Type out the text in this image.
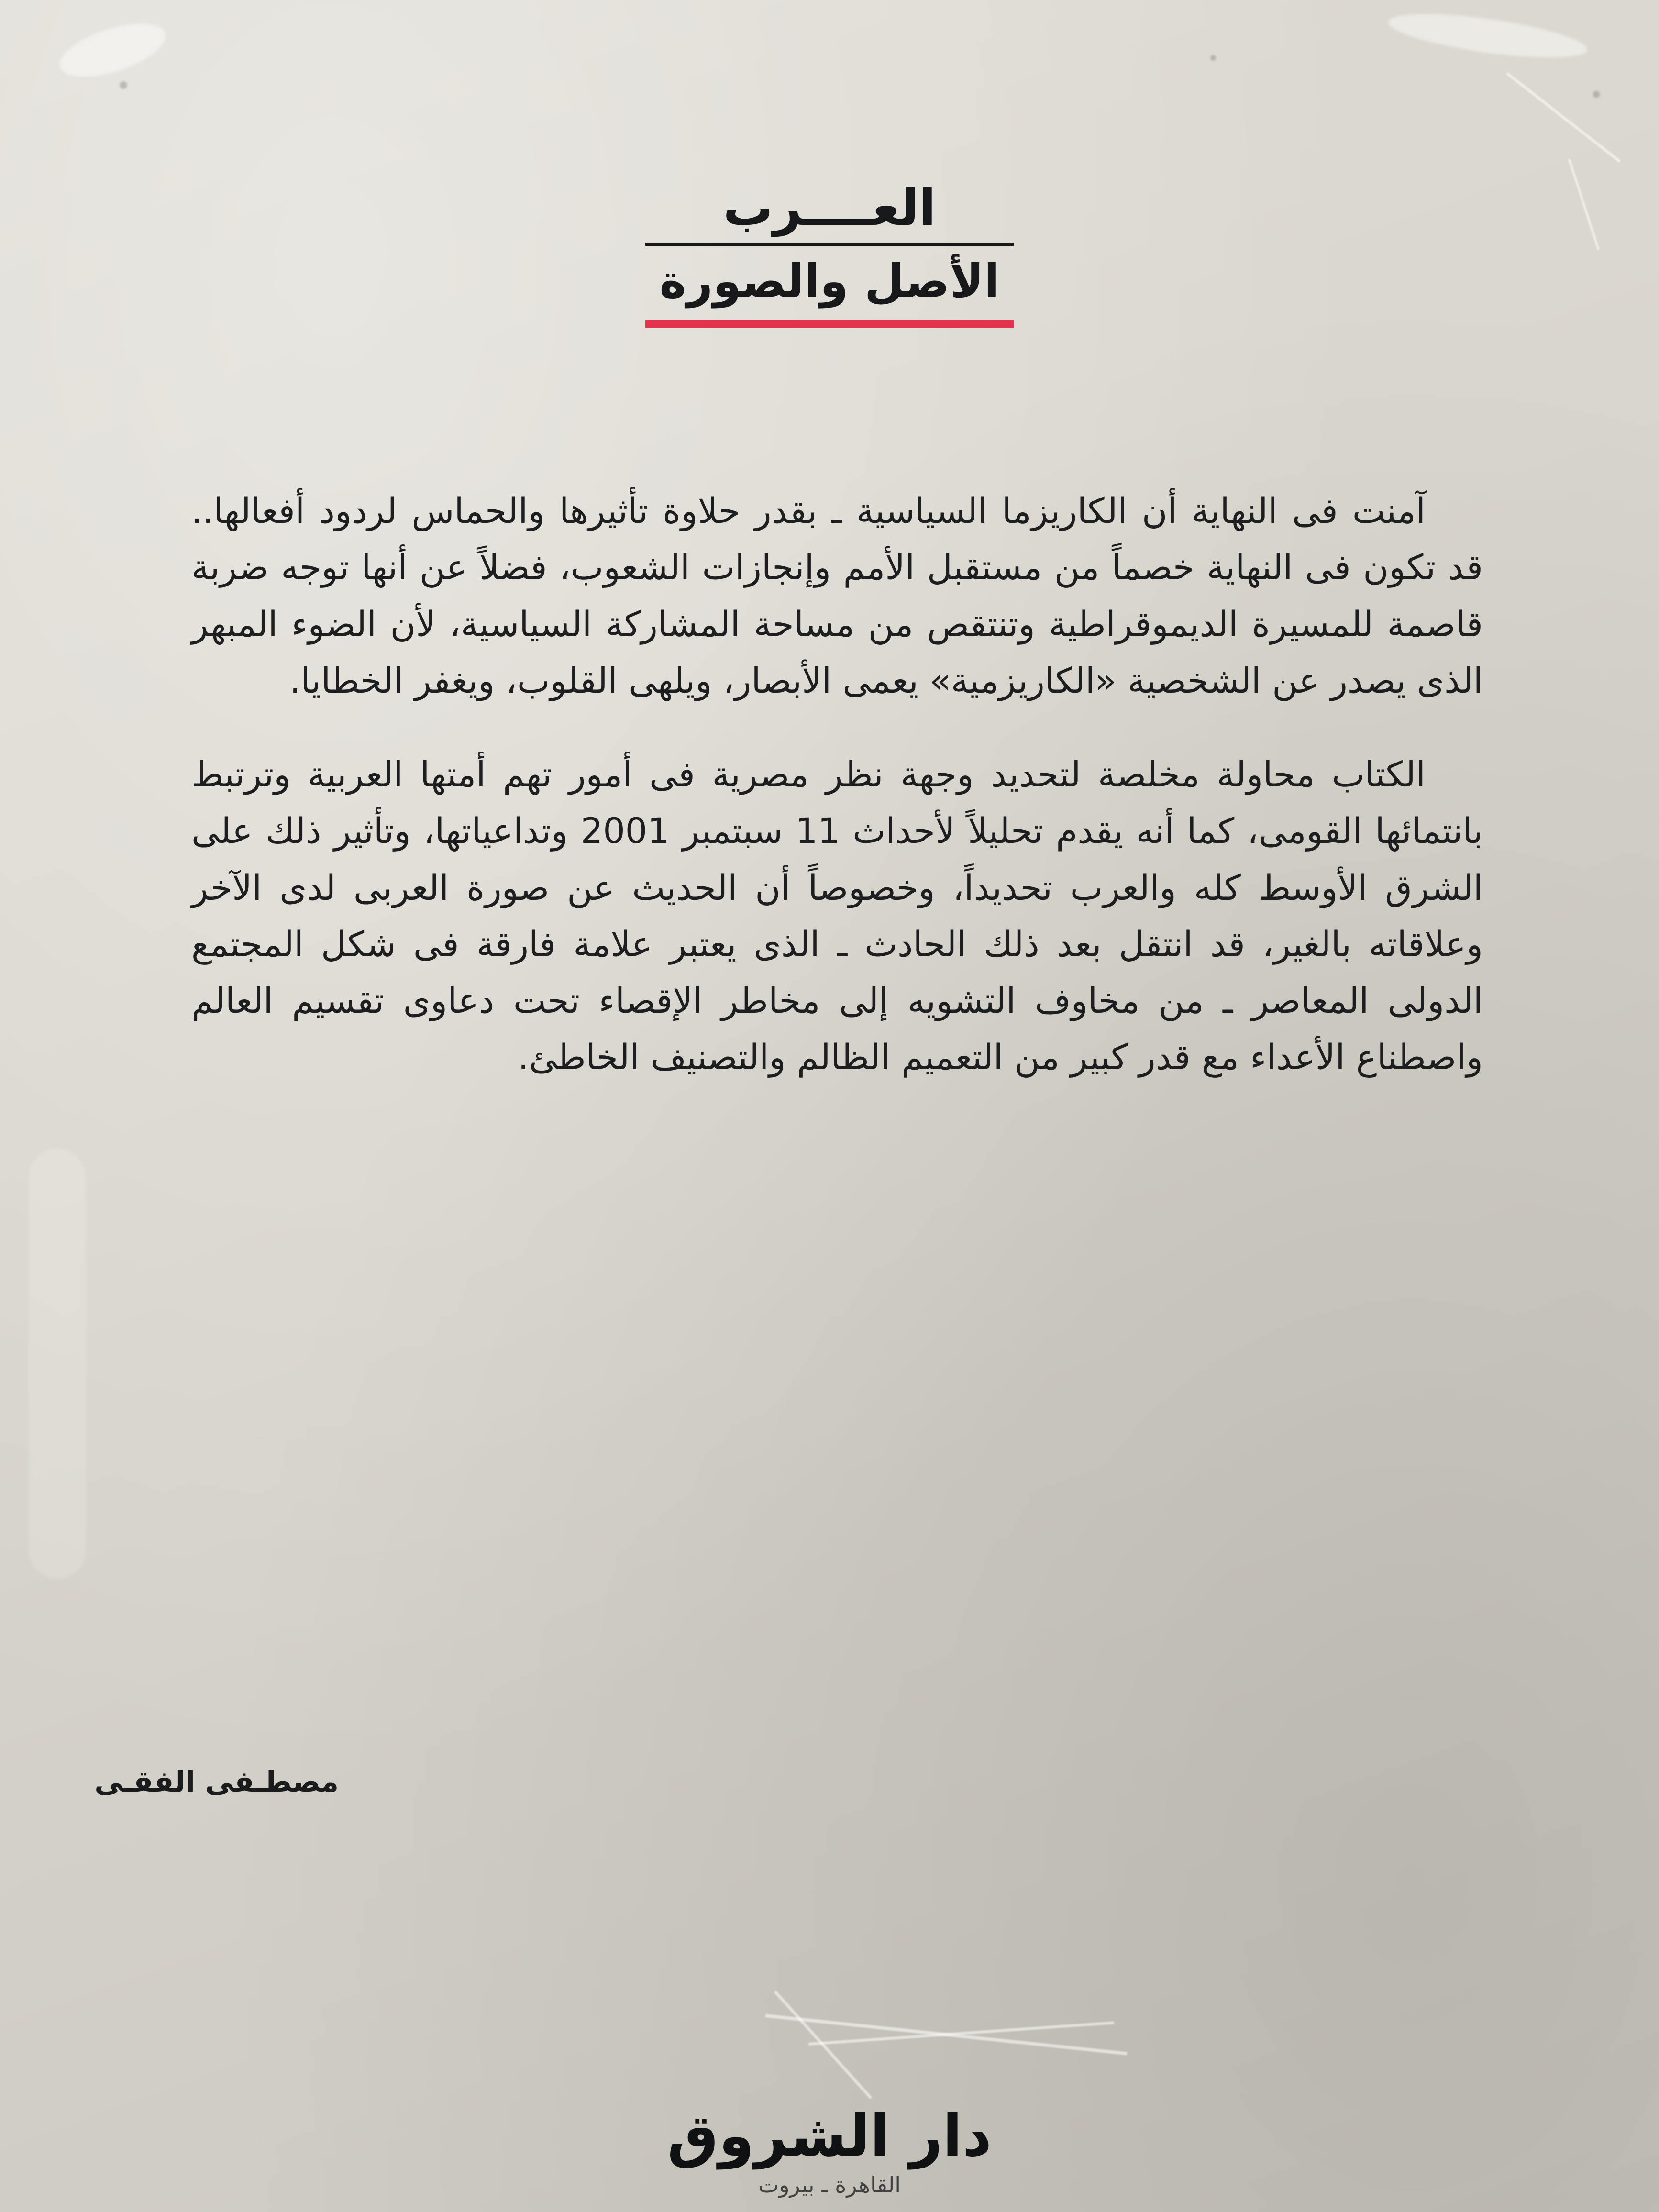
العــــرب
الأصل والصورة

آمنت فى النهاية أن الكاريزما السياسية ـ بقدر حلاوة تأثيرها والحماس لردود أفعالها.. قد تكون فى النهاية خصماً من مستقبل الأمم وإنجازات الشعوب، فضلاً عن أنها توجه ضربة قاصمة للمسيرة الديموقراطية وتنتقص من مساحة المشاركة السياسية، لأن الضوء المبهر الذى يصدر عن الشخصية «الكاريزمية» يعمى الأبصار، ويلهى القلوب، ويغفر الخطايا.

الكتاب محاولة مخلصة لتحديد وجهة نظر مصرية فى أمور تهم أمتها العربية وترتبط بانتمائها القومى، كما أنه يقدم تحليلاً لأحداث 11 سبتمبر 2001 وتداعياتها، وتأثير ذلك على الشرق الأوسط كله والعرب تحديداً، وخصوصاً أن الحديث عن صورة العربى لدى الآخر وعلاقاته بالغير، قد انتقل بعد ذلك الحادث ـ الذى يعتبر علامة فارقة فى شكل المجتمع الدولى المعاصر ـ من مخاوف التشويه إلى مخاطر الإقصاء تحت دعاوى تقسيم العالم واصطناع الأعداء مع قدر كبير من التعميم الظالم والتصنيف الخاطئ.

مصطـفى الفقـى
دار الشروق
القاهرة ـ بيروت
